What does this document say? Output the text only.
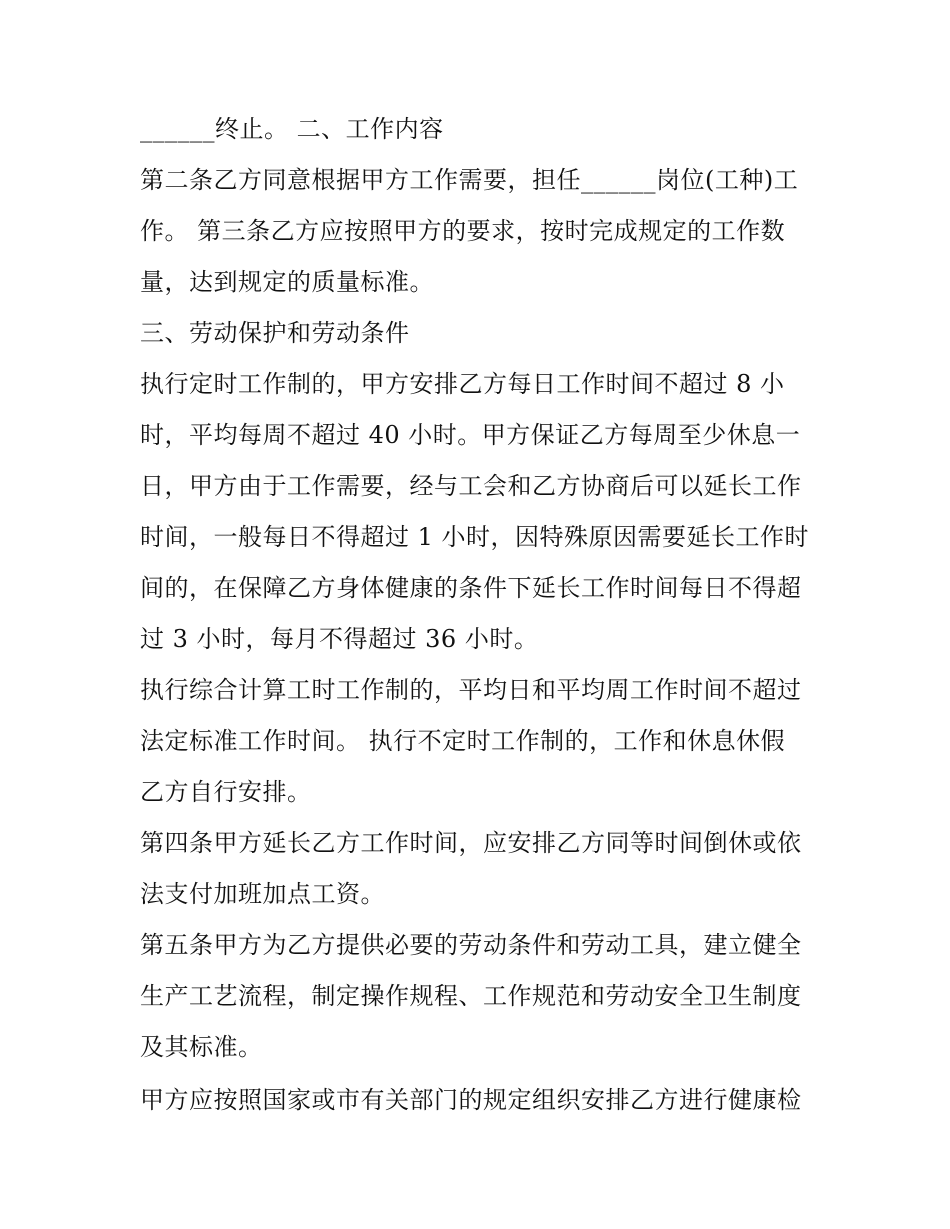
______终止。 二、工作内容
第二条乙方同意根据甲方工作需要，担任______岗位(工种)工
作。 第三条乙方应按照甲方的要求，按时完成规定的工作数
量，达到规定的质量标准。
三、劳动保护和劳动条件
执行定时工作制的，甲方安排乙方每日工作时间不超过 8 小
时，平均每周不超过 40 小时。甲方保证乙方每周至少休息一
日，甲方由于工作需要，经与工会和乙方协商后可以延长工作
时间，一般每日不得超过 1 小时，因特殊原因需要延长工作时
间的，在保障乙方身体健康的条件下延长工作时间每日不得超
过 3 小时，每月不得超过 36 小时。
执行综合计算工时工作制的，平均日和平均周工作时间不超过
法定标准工作时间。 执行不定时工作制的，工作和休息休假
乙方自行安排。
第四条甲方延长乙方工作时间，应安排乙方同等时间倒休或依
法支付加班加点工资。
第五条甲方为乙方提供必要的劳动条件和劳动工具，建立健全
生产工艺流程，制定操作规程、工作规范和劳动安全卫生制度
及其标准。
甲方应按照国家或市有关部门的规定组织安排乙方进行健康检
